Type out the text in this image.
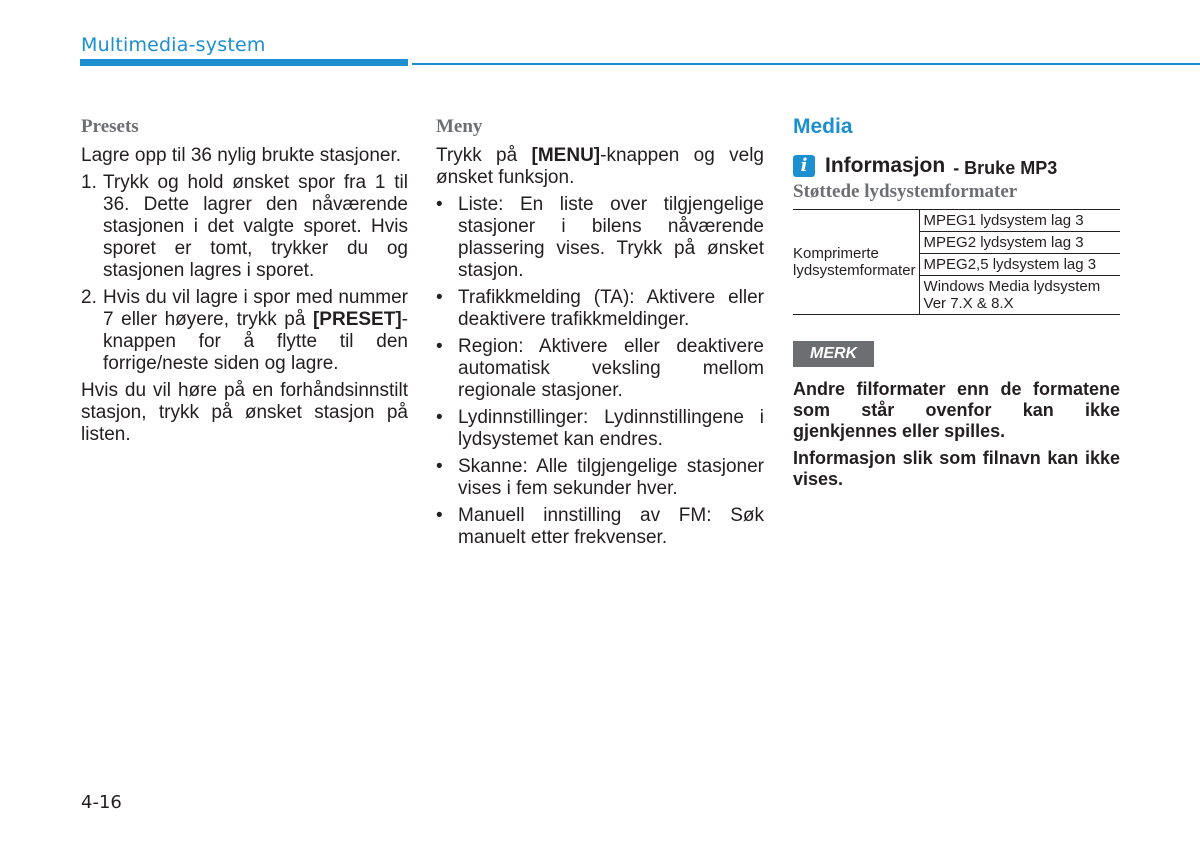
Multimedia-system
Presets

Lagre opp til 36 nylig brukte stasjoner.

1. Trykk og hold ønsket spor fra 1 til 36. Dette lagrer den nåværende stasjonen i det valgte sporet. Hvis sporet er tomt, trykker du og stasjonen lagres i sporet.
2. Hvis du vil lagre i spor med nummer 7 eller høyere, trykk på [PRESET]-knappen for å flytte til den forrige/neste siden og lagre.

Hvis du vil høre på en forhåndsinnstilt stasjon, trykk på ønsket stasjon på listen.

Meny

Trykk på [MENU]-knappen og velg ønsket funksjon.

• Liste: En liste over tilgjengelige stasjoner i bilens nåværende plassering vises. Trykk på ønsket stasjon.
• Trafikkmelding (TA): Aktivere eller deaktivere trafikkmeldinger.
• Region: Aktivere eller deaktivere automatisk veksling mellom regionale stasjoner.
• Lydinnstillinger: Lydinnstillingene i lydsystemet kan endres.
• Skanne: Alle tilgjengelige stasjoner vises i fem sekunder hver.
• Manuell innstilling av FM: Søk manuelt etter frekvenser.
Media
i Informasjon - Bruke MP3
Støttede lydsystemformater
Komprimerte lydsystemformater	MPEG1 lydsystem lag 3
MPEG2 lydsystem lag 3
MPEG2,5 lydsystem lag 3
Windows Media lydsystem Ver 7.X & 8.X
MERK
Andre filformater enn de formatene som står ovenfor kan ikke gjenkjennes eller spilles.
Informasjon slik som filnavn kan ikke vises.
4-16
